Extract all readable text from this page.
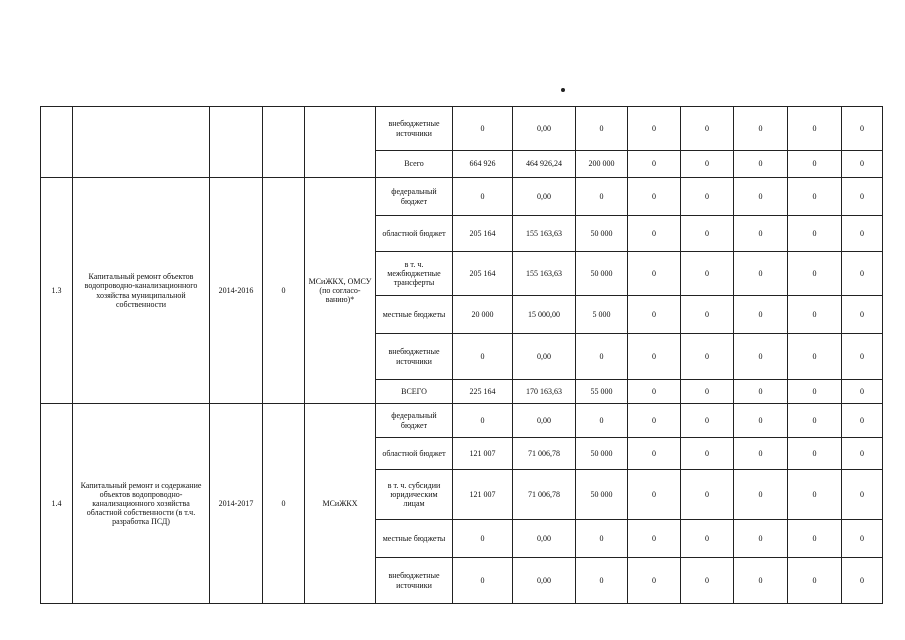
					внебюджетные источники	0	0,00	0	0	0	0	0	0
					Всего	664 926	464 926,24	200 000	0	0	0	0	0
1.3	Капитальный ремонт объектов водопроводно-канализационного хозяйства муниципальной собственности	2014-2016	0	МСиЖКХ, ОМСУ (по согласо-ванию)*	федеральный бюджет	0	0,00	0	0	0	0	0	0
					областной бюджет	205 164	155 163,63	50 000	0	0	0	0	0
					в т. ч. межбюджетные трансферты	205 164	155 163,63	50 000	0	0	0	0	0
					местные бюджеты	20 000	15 000,00	5 000	0	0	0	0	0
					внебюджетные источники	0	0,00	0	0	0	0	0	0
					ВСЕГО	225 164	170 163,63	55 000	0	0	0	0	0
1.4	Капитальный ремонт и содержание объектов водопроводно-канализационного хозяйства областной собственности (в т.ч. разработка ПСД)	2014-2017	0	МСиЖКХ	федеральный бюджет	0	0,00	0	0	0	0	0	0
					областной бюджет	121 007	71 006,78	50 000	0	0	0	0	0
					в т. ч. субсидии юридическим лицам	121 007	71 006,78	50 000	0	0	0	0	0
					местные бюджеты	0	0,00	0	0	0	0	0	0
					внебюджетные источники	0	0,00	0	0	0	0	0	0
